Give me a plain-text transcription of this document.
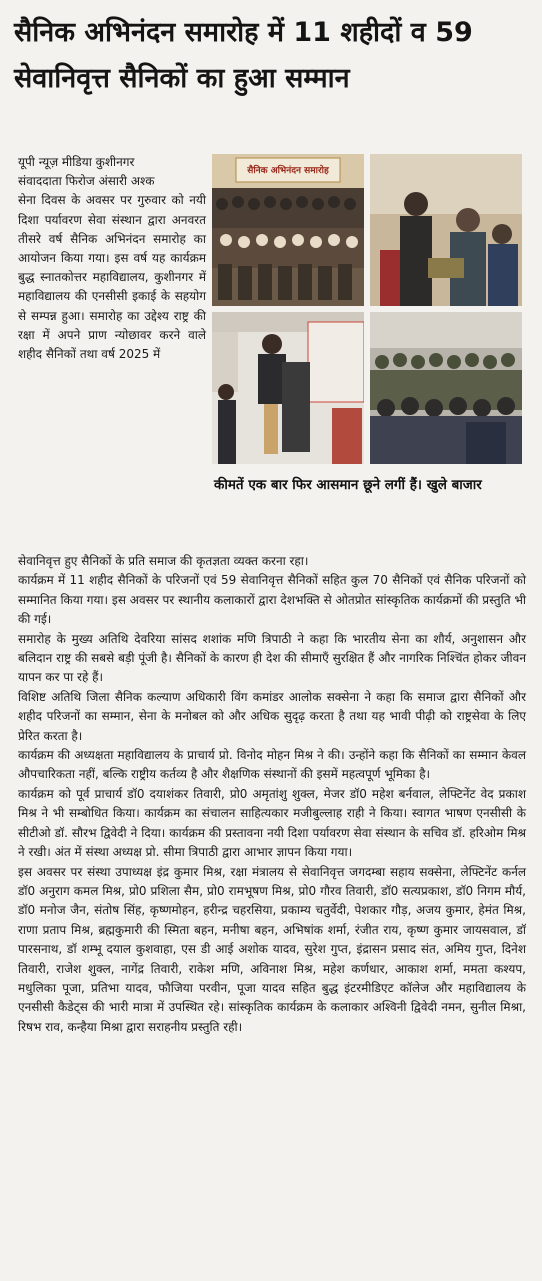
सैनिक अभिनंदन समारोह में 11 शहीदों व 59 सेवानिवृत्त सैनिकों का हुआ सम्मान

यूपी न्यूज़ मीडिया कुशीनगर

संवाददाता फिरोज अंसारी अश्क

सेना दिवस के अवसर पर गुरुवार को नयी दिशा पर्यावरण सेवा संस्थान द्वारा अनवरत तीसरे वर्ष सैनिक अभिनंदन समारोह का आयोजन किया गया। इस वर्ष यह कार्यक्रम बुद्ध स्नातकोत्तर महाविद्यालय, कुशीनगर में महाविद्यालय की एनसीसी इकाई के सहयोग से सम्पन्न हुआ। समारोह का उद्देश्य राष्ट्र की रक्षा में अपने प्राण न्योछावर करने वाले शहीद सैनिकों तथा वर्ष 2025 में

सैनिक अभिनंदन समारोह
कीमतें एक बार फिर आसमान छूने लगीं हैं। खुले बाजार

सेवानिवृत्त हुए सैनिकों के प्रति समाज की कृतज्ञता व्यक्त करना रहा।

कार्यक्रम में 11 शहीद सैनिकों के परिजनों एवं 59 सेवानिवृत्त सैनिकों सहित कुल 70 सैनिकों एवं सैनिक परिजनों को सम्मानित किया गया। इस अवसर पर स्थानीय कलाकारों द्वारा देशभक्ति से ओतप्रोत सांस्कृतिक कार्यक्रमों की प्रस्तुति भी की गई।

समारोह के मुख्य अतिथि देवरिया सांसद शशांक मणि त्रिपाठी ने कहा कि भारतीय सेना का शौर्य, अनुशासन और बलिदान राष्ट्र की सबसे बड़ी पूंजी है। सैनिकों के कारण ही देश की सीमाएँ सुरक्षित हैं और नागरिक निश्चिंत होकर जीवन यापन कर पा रहे हैं।

विशिष्ट अतिथि जिला सैनिक कल्याण अधिकारी विंग कमांडर आलोक सक्सेना ने कहा कि समाज द्वारा सैनिकों और शहीद परिजनों का सम्मान, सेना के मनोबल को और अधिक सुदृढ़ करता है तथा यह भावी पीढ़ी को राष्ट्रसेवा के लिए प्रेरित करता है।

कार्यक्रम की अध्यक्षता महाविद्यालय के प्राचार्य प्रो. विनोद मोहन मिश्र ने की। उन्होंने कहा कि सैनिकों का सम्मान केवल औपचारिकता नहीं, बल्कि राष्ट्रीय कर्तव्य है और शैक्षणिक संस्थानों की इसमें महत्वपूर्ण भूमिका है।

कार्यक्रम को पूर्व प्राचार्य डॉ0 दयाशंकर तिवारी, प्रो0 अमृतांशु शुक्ल, मेजर डॉ0 महेश बर्नवाल, लेफ्टिनेंट वेद प्रकाश मिश्र ने भी सम्बोधित किया। कार्यक्रम का संचालन साहित्यकार मजीबुल्लाह राही ने किया। स्वागत भाषण एनसीसी के सीटीओ डॉ. सौरभ द्विवेदी ने दिया। कार्यक्रम की प्रस्तावना नयी दिशा पर्यावरण सेवा संस्थान के सचिव डॉ. हरिओम मिश्र ने रखी। अंत में संस्था अध्यक्ष प्रो. सीमा त्रिपाठी द्वारा आभार ज्ञापन किया गया।

इस अवसर पर संस्था उपाध्यक्ष इंद्र कुमार मिश्र, रक्षा मंत्रालय से सेवानिवृत्त जगदम्बा सहाय सक्सेना, लेफ्टिनेंट कर्नल डॉ0 अनुराग कमल मिश्र, प्रो0 प्रशिला सैम, प्रो0 रामभूषण मिश्र, प्रो0 गौरव तिवारी, डॉ0 सत्यप्रकाश, डॉ0 निगम मौर्य, डॉ0 मनोज जैन, संतोष सिंह, कृष्णमोहन, हरीन्द्र चहरसिया, प्रकाम्य चतुर्वेदी, पेशकार गौड़, अजय कुमार, हेमंत मिश्र, राणा प्रताप मिश्र, ब्रह्मकुमारी की स्मिता बहन, मनीषा बहन, अभिषांक शर्मा, रंजीत राय, कृष्ण कुमार जायसवाल, डॉ पारसनाथ, डॉ शम्भू दयाल कुशवाहा, एस डी आई अशोक यादव, सुरेश गुप्त, इंद्रासन प्रसाद संत, अमिय गुप्त, दिनेश तिवारी, राजेश शुक्ल, नागेंद्र तिवारी, राकेश मणि, अविनाश मिश्र, महेश कर्णधार, आकाश शर्मा, ममता कश्यप, मधुलिका पूजा, प्रतिभा यादव, फौजिया परवीन, पूजा यादव सहित बुद्ध इंटरमीडिएट कॉलेज और महाविद्यालय के एनसीसी कैडेट्स की भारी मात्रा में उपस्थित रहे। सांस्कृतिक कार्यक्रम के कलाकार अश्विनी द्विवेदी नमन, सुनील मिश्रा, रिषभ राव, कन्हैया मिश्रा द्वारा सराहनीय प्रस्तुति रही।
